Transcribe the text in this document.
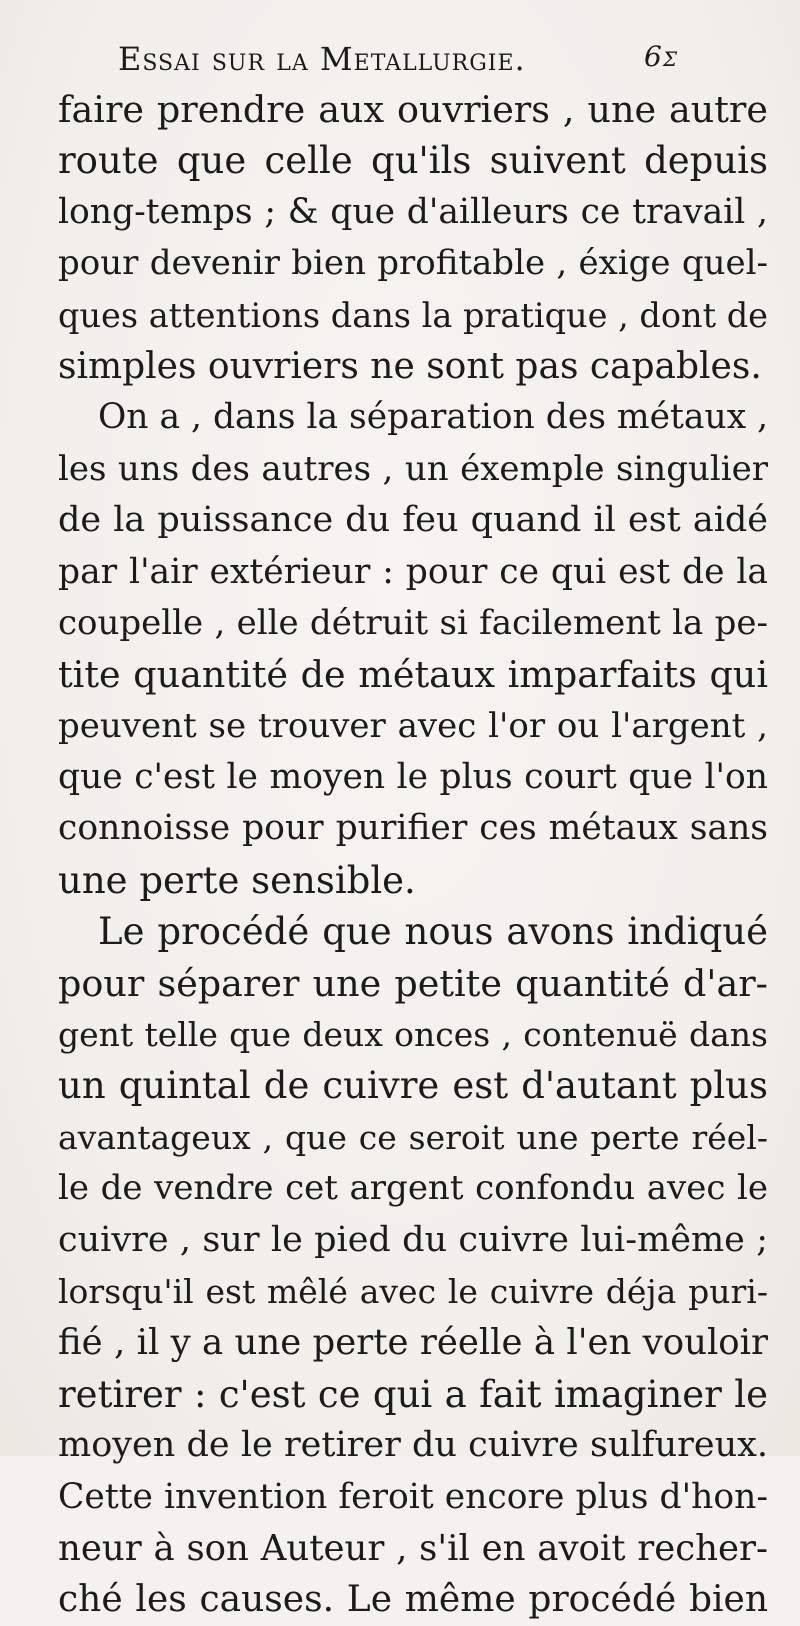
Essai sur la Metallurgie.	6ς
faire prendre aux ouvriers , une autre
route que celle qu'ils suivent depuis
long-temps ; & que d'ailleurs ce travail ,
pour devenir bien profitable , éxige quel-
ques attentions dans la pratique , dont de
simples ouvriers ne sont pas capables.
On a , dans la séparation des métaux ,
les uns des autres , un éxemple singulier
de la puissance du feu quand il est aidé
par l'air extérieur : pour ce qui est de la
coupelle , elle détruit si facilement la pe-
tite quantité de métaux imparfaits qui
peuvent se trouver avec l'or ou l'argent ,
que c'est le moyen le plus court que l'on
connoisse pour purifier ces métaux sans
une perte sensible.
Le procédé que nous avons indiqué
pour séparer une petite quantité d'ar-
gent telle que deux onces , contenuë dans
un quintal de cuivre est d'autant plus
avantageux , que ce seroit une perte réel-
le de vendre cet argent confondu avec le
cuivre , sur le pied du cuivre lui-même ;
lorsqu'il est mêlé avec le cuivre déja puri-
fié , il y a une perte réelle à l'en vouloir
retirer : c'est ce qui a fait imaginer le
moyen de le retirer du cuivre sulfureux.
Cette invention feroit encore plus d'hon-
neur à son Auteur , s'il en avoit recher-
ché les causes. Le même procédé bien
